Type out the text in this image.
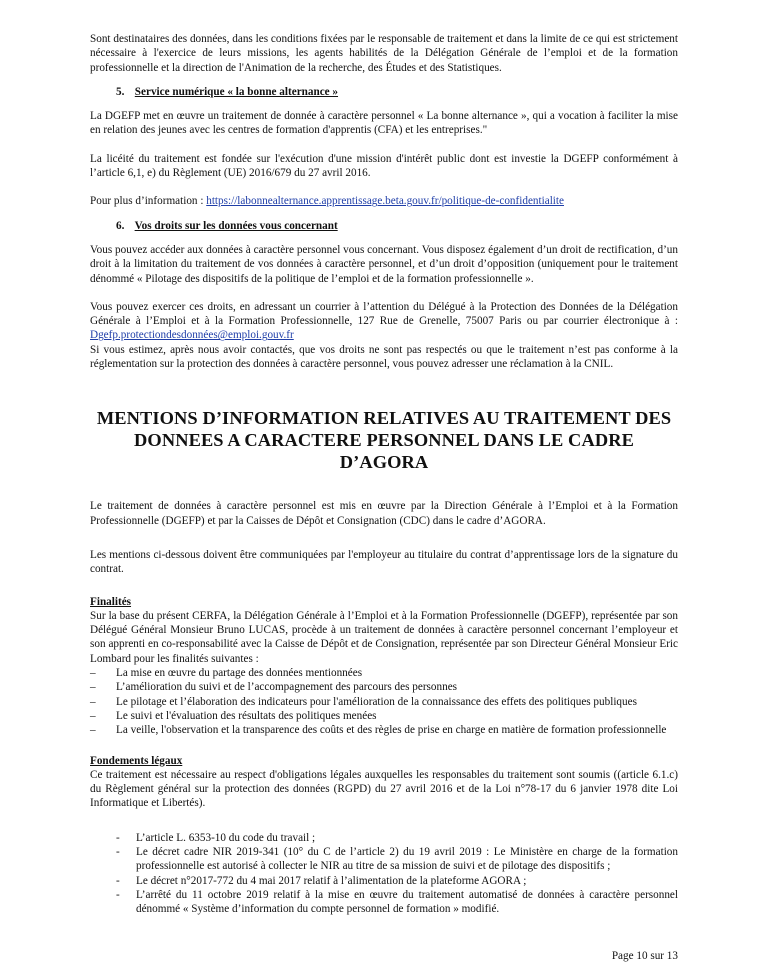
Sont destinataires des données, dans les conditions fixées par le responsable de traitement et dans la limite de ce qui est strictement nécessaire à l'exercice de leurs missions, les agents habilités de la Délégation Générale de l’emploi et de la formation professionnelle et la direction de l'Animation de la recherche, des Études et des Statistiques.

5. Service numérique « la bonne alternance »

La DGEFP met en œuvre un traitement de donnée à caractère personnel « La bonne alternance », qui a vocation à faciliter la mise en relation des jeunes avec les centres de formation d'apprentis (CFA) et les entreprises."

La licéité du traitement est fondée sur l'exécution d'une mission d'intérêt public dont est investie la DGEFP conformément à l’article 6,1, e) du Règlement (UE) 2016/679 du 27 avril 2016.

Pour plus d’information : https://labonnealternance.apprentissage.beta.gouv.fr/politique-de-confidentialite

6. Vos droits sur les données vous concernant

Vous pouvez accéder aux données à caractère personnel vous concernant. Vous disposez également d’un droit de rectification, d’un droit à la limitation du traitement de vos données à caractère personnel, et d’un droit d’opposition (uniquement pour le traitement dénommé « Pilotage des dispositifs de la politique de l’emploi et de la formation professionnelle ».

Vous pouvez exercer ces droits, en adressant un courrier à l’attention du Délégué à la Protection des Données de la Délégation Générale à l’Emploi et à la Formation Professionnelle, 127 Rue de Grenelle, 75007 Paris ou par courrier électronique à : Dgefp.protectiondesdonnées@emploi.gouv.fr

Si vous estimez, après nous avoir contactés, que vos droits ne sont pas respectés ou que le traitement n’est pas conforme à la réglementation sur la protection des données à caractère personnel, vous pouvez adresser une réclamation à la CNIL.

MENTIONS D’INFORMATION RELATIVES AU TRAITEMENT DES

DONNEES A CARACTERE PERSONNEL DANS LE CADRE D’AGORA

Le traitement de données à caractère personnel est mis en œuvre par la Direction Générale à l’Emploi et à la Formation Professionnelle (DGEFP) et par la Caisses de Dépôt et Consignation (CDC) dans le cadre d’AGORA.

Les mentions ci-dessous doivent être communiquées par l'employeur au titulaire du contrat d’apprentissage lors de la signature du contrat.

Finalités

Sur la base du présent CERFA, la Délégation Générale à l’Emploi et à la Formation Professionnelle (DGEFP), représentée par son Délégué Général Monsieur Bruno LUCAS, procède à un traitement de données à caractère personnel concernant l’employeur et son apprenti en co-responsabilité avec la Caisse de Dépôt et de Consignation, représentée par son Directeur Général Monsieur Eric Lombard pour les finalités suivantes :

– La mise en œuvre du partage des données mentionnées
– L’amélioration du suivi et de l’accompagnement des parcours des personnes
– Le pilotage et l’élaboration des indicateurs pour l'amélioration de la connaissance des effets des politiques publiques
– Le suivi et l'évaluation des résultats des politiques menées
– La veille, l'observation et la transparence des coûts et des règles de prise en charge en matière de formation professionnelle

Fondements légaux

Ce traitement est nécessaire au respect d'obligations légales auxquelles les responsables du traitement sont soumis ((article 6.1.c) du Règlement général sur la protection des données (RGPD) du 27 avril 2016 et de la Loi n°78-17 du 6 janvier 1978 dite Loi Informatique et Libertés).

- L’article L. 6353-10 du code du travail ;
- Le décret cadre NIR 2019-341 (10° du C de l’article 2) du 19 avril 2019 : Le Ministère en charge de la formation professionnelle est autorisé à collecter le NIR au titre de sa mission de suivi et de pilotage des dispositifs ;
- Le décret n°2017-772 du 4 mai 2017 relatif à l’alimentation de la plateforme AGORA ;
- L’arrêté du 11 octobre 2019 relatif à la mise en œuvre du traitement automatisé de données à caractère personnel dénommé « Système d’information du compte personnel de formation » modifié.
Page 10 sur 13
